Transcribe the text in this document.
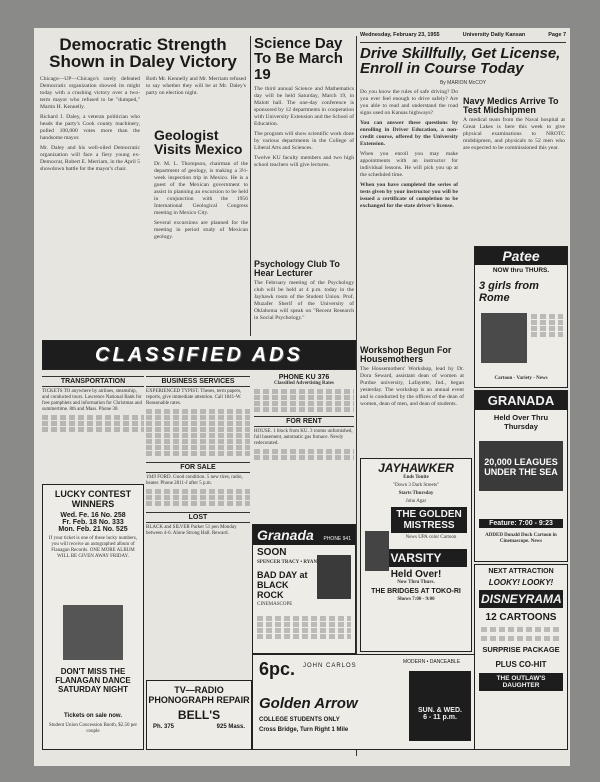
Democratic Strength Shown in Daley Victory

Chicago—UP—Chicago's rarely defeated Democratic organization showed its might today with a crushing victory over a two-term mayor who refused to be "dumped," Martin H. Kennelly.

Richard J. Daley, a veteran politician who heads the party's Cook county machinery, polled 100,000 votes more than the handsome mayor.

Mr. Daley and his well-oiled Democratic organization will face a fiery young ex-Democrat, Robert E. Merriam, in the April 5 showdown battle for the mayor's chair.

Both Mr. Kennelly and Mr. Merriam refused to say whether they will be at Mr. Daley's party on election night.

Geologist Visits Mexico

Dr. M. L. Thompson, chairman of the department of geology, is making a 3½-week inspection trip in Mexico. He is a guest of the Mexican government to assist in planning an excursion to be held in conjunction with the 1956 International Geological Congress meeting in Mexico City.

Several excursions are planned for the meeting in period study of Mexican geology.

Science Day To Be March 19

The third annual Science and Mathematics day will be held Saturday, March 19, in Malott hall. The one-day conference is sponsored by 12 departments in cooperation with University Extension and the School of Education.

The program will show scientific work done by various departments in the College of Liberal Arts and Sciences.

Twelve KU faculty members and two high school teachers will give lectures.

Psychology Club To Hear Lecturer

The February meeting of the Psychology club will be held at 4 p.m. today in the Jayhawk room of the Student Union. Prof. Muzafer Sherif of the University of Oklahoma will speak on "Recent Research in Social Psychology."

Wednesday, February 23, 1955	University Daily Kansan	Page 7
Drive Skillfully, Get License, Enroll in Course Today
By MARION McCOY

Do you know the rules of safe driving? Do you ever feel enough to drive safely? Are you able to read and understand the road signs used on Kansas highways?

You can answer these questions by enrolling in Driver Education, a non-credit course, offered by the University Extension.

When you enroll you may make appointments with an instructor for individual lessons. He will pick you up at the scheduled time.

When you have completed the series of tests given by your instructor you will be issued a certificate of completion to be exchanged for the state driver's license.

Navy Medics Arrive To Test Midshipmen

A medical team from the Naval hospital at Great Lakes is here this week to give physical examinations to NROTC midshipmen, and physicals to 52 men who are expected to be commissioned this year.

CLASSIFIED ADS
TRANSPORTATION

TICKETS TO anywhere by airlines, steamship, and conducted tours. Lawrence National Bank for free pamphlets and information for Christmas and summertime. 8th and Mass. Phone 30.

LUCKY CONTEST WINNERS
Wed. Fe. 16 No. 258
Fr. Feb. 18 No. 333
Mon. Feb. 21 No. 525

If your ticket is one of these lucky numbers, you will receive an autographed album of Flanagan Records. ONE MORE ALBUM WILL BE GIVEN AWAY FRIDAY.

DON'T MISS THE FLANAGAN DANCE SATURDAY NIGHT
Tickets on sale now.
Student Union Concession Booth, $2.50 per couple
BUSINESS SERVICES

EXPERIENCED TYPIST. Theses, term papers, reports, give immediate attention. Call 1841-W. Reasonable rates.

FOR SALE

1949 FORD. Good condition. 5 new tires, radio, heater. Phone 2811-J after 5 p.m.

LOST

BLACK and SILVER Parker 51 pen Monday between 4-6. Alone Strong Hall. Reward.

TV—RADIO PHONOGRAPH REPAIR
BELL'S
Ph. 375	925 Mass.
PHONE KU 376
Classified Advertising Rates
FOR RENT

HOUSE. 1 block from KU. 3 rooms unfurnished, full basement, automatic gas furnace. Newly redecorated.

Granada PHONE 941
SOON
SPENCER TRACY • RYAN
BAD DAY at BLACK ROCK
CINEMASCOPE
6pc. JOHN CARLOS
MODERN • DANCEABLE
Golden Arrow
COLLEGE STUDENTS ONLY
Cross Bridge, Turn Right 1 Mile
SUN. & WED.
6 - 11 p.m.
Workshop Begun For Housemothers

The Housemothers' Workshop, lead by Dr. Dora Seward, assistant dean of women at Purdue university, Lafayette, Ind., began yesterday. The workshop is an annual event and is conducted by the offices of the dean of women, dean of men, and dean of students.

JAYHAWKER
Ends Tonite
"Down 3 Dark Streets"
Starts Thursday
John Agar
THE GOLDEN MISTRESS
News UPA color Cartoon
VARSITY
Held Over!
Now Thru Thurs.
THE BRIDGES AT TOKO-RI
Shows 7:00 - 9:00
Patee
NOW thru THURS.
3 girls from Rome
Cartoon - Variety - News
GRANADA
Held Over Thru Thursday
20,000 LEAGUES UNDER THE SEA
Feature: 7:00 - 9:23
ADDED Donald Duck Cartoon in Cinemascope. News
NEXT ATTRACTION
LOOKY! LOOKY!
DISNEYRAMA
12 CARTOONS
SURPRISE PACKAGE
PLUS CO-HIT
THE OUTLAW'S DAUGHTER
